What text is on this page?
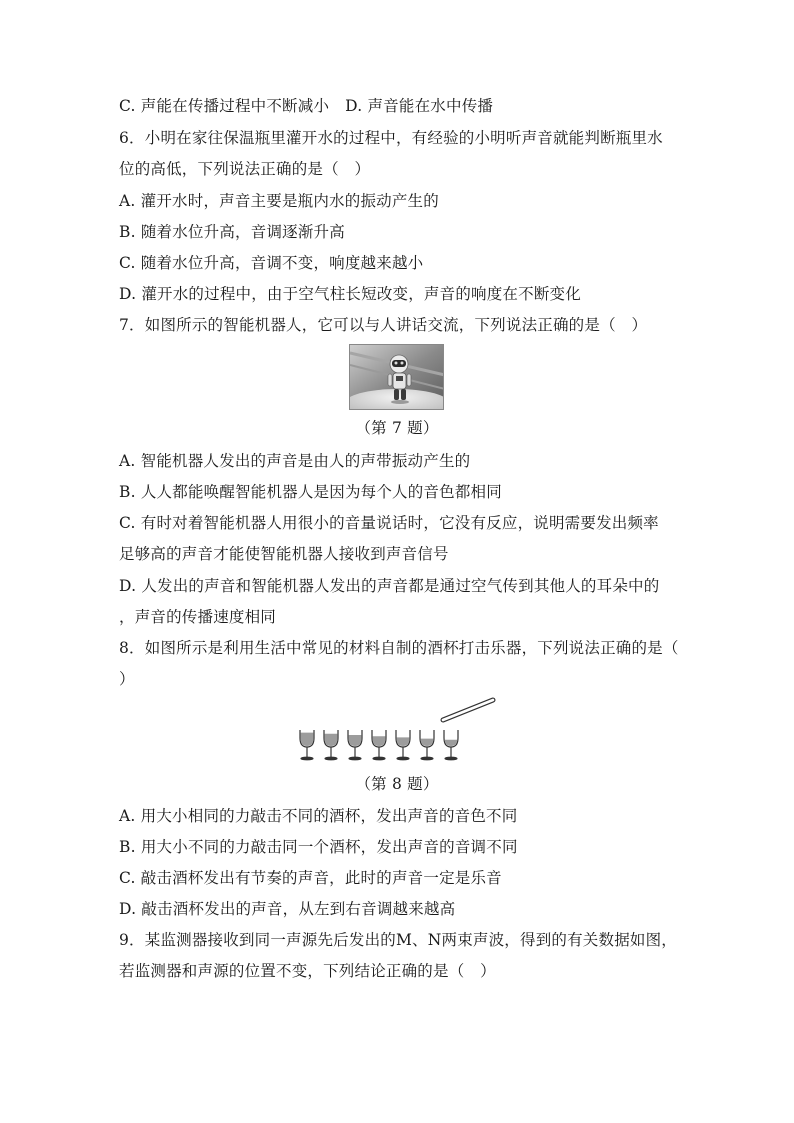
C. 声能在传播过程中不断减小 D. 声音能在水中传播
6．小明在家往保温瓶里灌开水的过程中，有经验的小明听声音就能判断瓶里水
位的高低，下列说法正确的是（　）
A. 灌开水时，声音主要是瓶内水的振动产生的
B. 随着水位升高，音调逐渐升高
C. 随着水位升高，音调不变，响度越来越小
D. 灌开水的过程中，由于空气柱长短改变，声音的响度在不断变化
7．如图所示的智能机器人，它可以与人讲话交流，下列说法正确的是（　）
（第 7 题）
A. 智能机器人发出的声音是由人的声带振动产生的
B. 人人都能唤醒智能机器人是因为每个人的音色都相同
C. 有时对着智能机器人用很小的音量说话时，它没有反应，说明需要发出频率
足够高的声音才能使智能机器人接收到声音信号
D. 人发出的声音和智能机器人发出的声音都是通过空气传到其他人的耳朵中的
，声音的传播速度相同
8．如图所示是利用生活中常见的材料自制的酒杯打击乐器，下列说法正确的是（
）
（第 8 题）
A. 用大小相同的力敲击不同的酒杯，发出声音的音色不同
B. 用大小不同的力敲击同一个酒杯，发出声音的音调不同
C. 敲击酒杯发出有节奏的声音，此时的声音一定是乐音
D. 敲击酒杯发出的声音，从左到右音调越来越高
9．某监测器接收到同一声源先后发出的M、N两束声波，得到的有关数据如图，
若监测器和声源的位置不变，下列结论正确的是（　）
